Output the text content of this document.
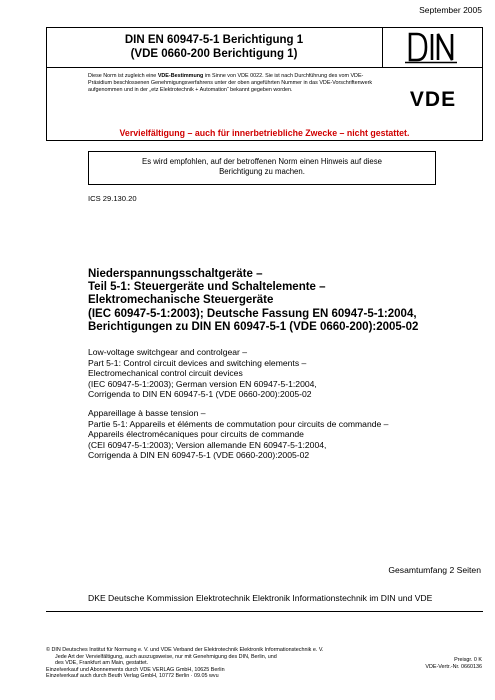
September 2005
DIN EN 60947-5-1 Berichtigung 1
(VDE 0660-200 Berichtigung 1)
Diese Norm ist zugleich eine VDE-Bestimmung im Sinne von VDE 0022. Sie ist nach Durchführung des vom VDE-Präsidium beschlossenen Genehmigungsverfahrens unter der oben angeführten Nummer in das VDE-Vorschriftenwerk aufgenommen und in der „etz Elektrotechnik + Automation“ bekannt gegeben worden.	VDE
Vervielfältigung – auch für innerbetriebliche Zwecke – nicht gestattet.
Es wird empfohlen, auf der betroffenen Norm einen Hinweis auf diese
Berichtigung zu machen.
ICS 29.130.20
Niederspannungsschaltgeräte –
Teil 5-1: Steuergeräte und Schaltelemente –
Elektromechanische Steuergeräte
(IEC 60947-5-1:2003); Deutsche Fassung EN 60947-5-1:2004,
Berichtigungen zu DIN EN 60947-5-1 (VDE 0660-200):2005-02
Low-voltage switchgear and controlgear –
Part 5-1: Control circuit devices and switching elements –
Electromechanical control circuit devices
(IEC 60947-5-1:2003); German version EN 60947-5-1:2004,
Corrigenda to DIN EN 60947-5-1 (VDE 0660-200):2005-02
Appareillage à basse tension –
Partie 5-1: Appareils et éléments de commutation pour circuits de commande –
Appareils électromécaniques pour circuits de commande
(CEI 60947-5-1:2003); Version allemande EN 60947-5-1:2004,
Corrigenda à DIN EN 60947-5-1 (VDE 0660-200):2005-02
Gesamtumfang 2 Seiten
DKE Deutsche Kommission Elektrotechnik Elektronik Informationstechnik im DIN und VDE
© DIN Deutsches Institut für Normung e. V. und VDE Verband der Elektrotechnik Elektronik Informationstechnik e. V.
Jede Art der Vervielfältigung, auch auszugsweise, nur mit Genehmigung des DIN, Berlin, und
des VDE, Frankfurt am Main, gestattet.
Einzelverkauf und Abonnements durch VDE VERLAG GmbH, 10625 Berlin
Einzelverkauf auch durch Beuth Verlag GmbH, 10772 Berlin · 09.05 wvu
Preisgr. 0 K
VDE-Vertr.-Nr. 0660136
